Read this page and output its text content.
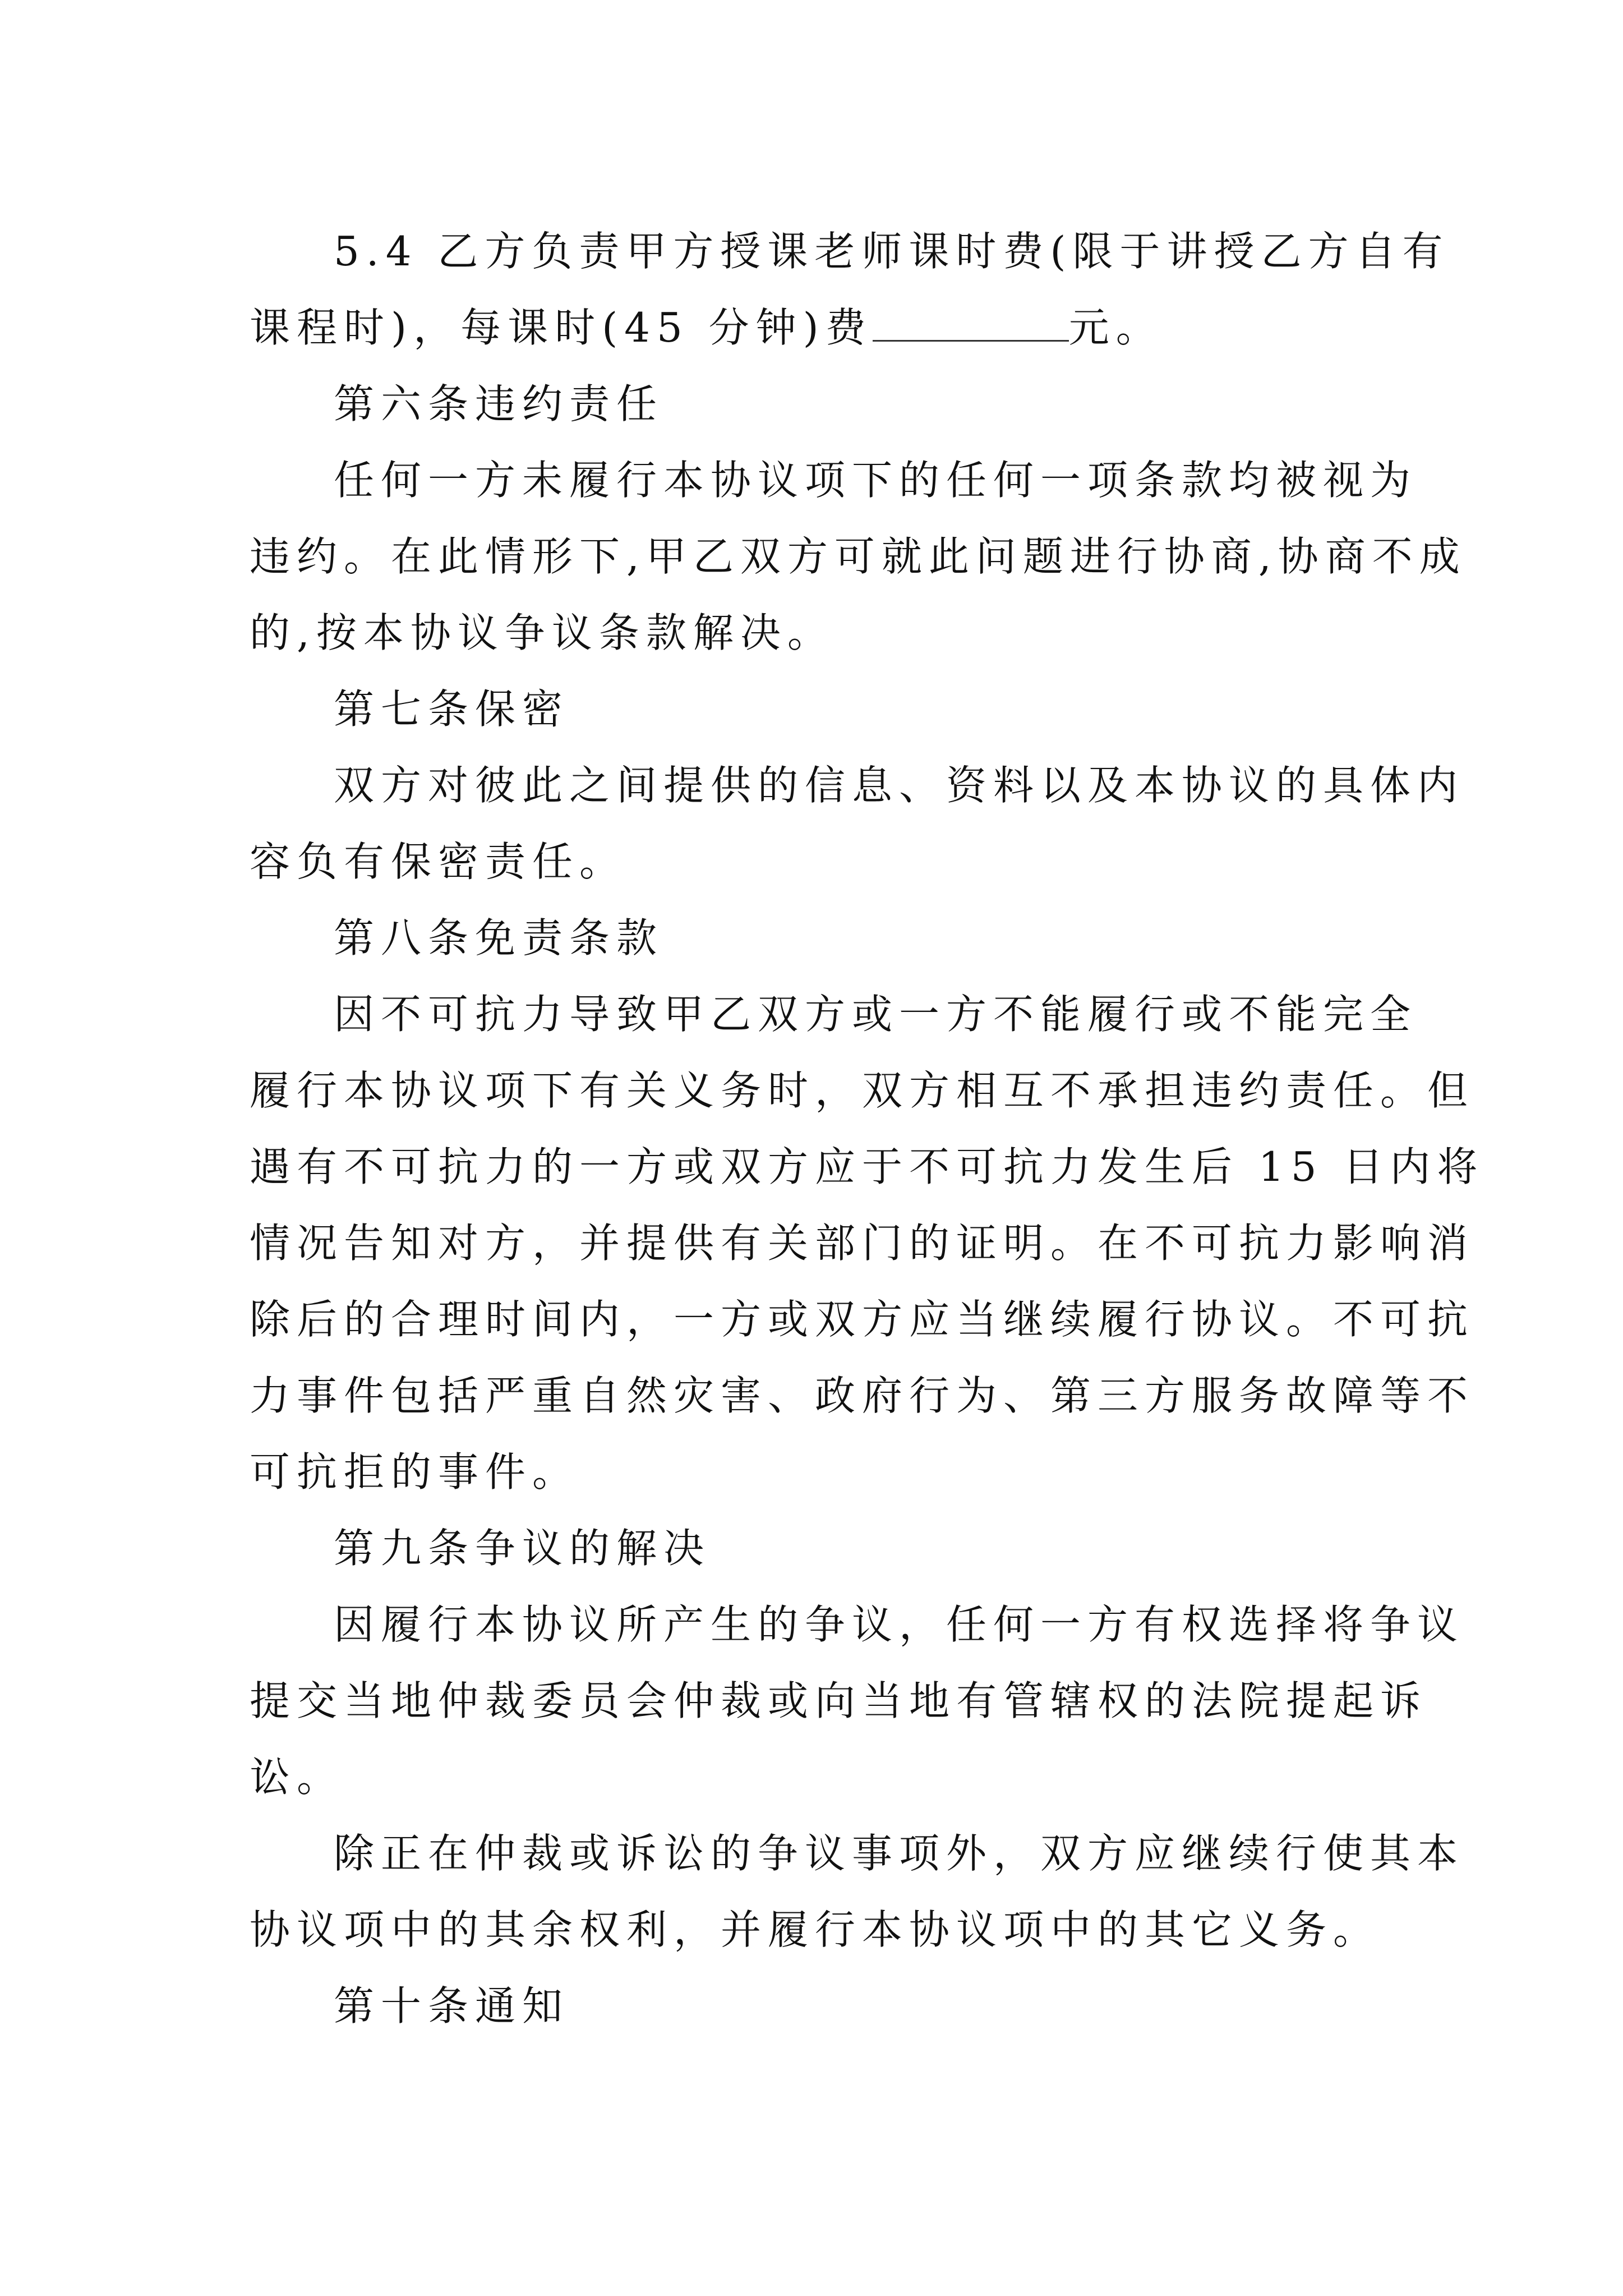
5.4 乙方负责甲方授课老师课时费(限于讲授乙方自有
课程时)，每课时(45 分钟)费	元。
第六条违约责任
任何一方未履行本协议项下的任何一项条款均被视为
违约。在此情形下,甲乙双方可就此问题进行协商,协商不成
的,按本协议争议条款解决。
第七条保密
双方对彼此之间提供的信息、资料以及本协议的具体内
容负有保密责任。
第八条免责条款
因不可抗力导致甲乙双方或一方不能履行或不能完全
履行本协议项下有关义务时，双方相互不承担违约责任。但
遇有不可抗力的一方或双方应于不可抗力发生后 15 日内将
情况告知对方，并提供有关部门的证明。在不可抗力影响消
除后的合理时间内，一方或双方应当继续履行协议。不可抗
力事件包括严重自然灾害、政府行为、第三方服务故障等不
可抗拒的事件。
第九条争议的解决
因履行本协议所产生的争议，任何一方有权选择将争议
提交当地仲裁委员会仲裁或向当地有管辖权的法院提起诉
讼。
除正在仲裁或诉讼的争议事项外，双方应继续行使其本
协议项中的其余权利，并履行本协议项中的其它义务。
第十条通知
